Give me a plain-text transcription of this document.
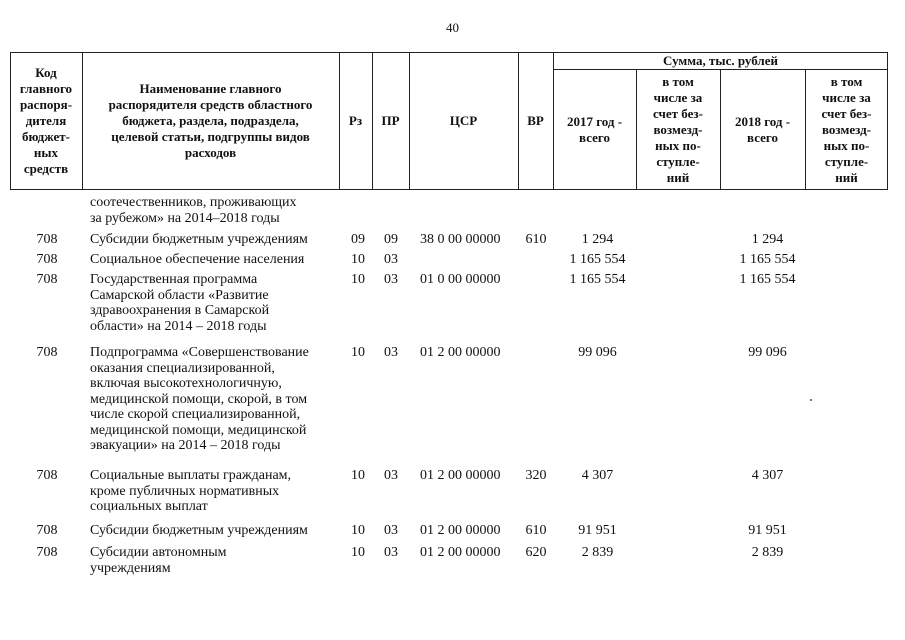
40
Код
главного
распоря-
дителя
бюджет-
ных
средств
Наименование главного
распорядителя средств областного
бюджета, раздела, подраздела,
целевой статьи, подгруппы видов
расходов
Рз	ПР	ЦСР	ВР
Сумма, тыс. рублей
2017 год -
всего
в том
числе за
счет без-
возмезд-
ных по-
ступле-
ний
2018 год -
всего
в том
числе за
счет без-
возмезд-
ных по-
ступле-
ний
соотечественников, проживающих
за рубежом» на 2014–2018 годы
708	Субсидии бюджетным учреждениям	09 09 38 0 00 00000	610	1 294	1 294
708	Социальное обеспечение населения	10 03	1 165 554	1 165 554
708	Государственная программа
Самарской области «Развитие
здравоохранения в Самарской
области» на 2014 – 2018 годы
10 03 01 0 00 00000	1 165 554	1 165 554
708	Подпрограмма «Совершенствование
оказания специализированной,
включая высокотехнологичную,
медицинской помощи, скорой, в том
числе скорой специализированной,
медицинской помощи, медицинской
эвакуации» на 2014 – 2018 годы
10 03 01 2 00 00000	99 096	99 096
708	Социальные выплаты гражданам,
кроме публичных нормативных
социальных выплат
10 03 01 2 00 00000	320	4 307	4 307
708	Субсидии бюджетным учреждениям	10 03 01 2 00 00000	610	91 951	91 951
708	Субсидии автономным
учреждениям
10 03 01 2 00 00000	620	2 839	2 839
